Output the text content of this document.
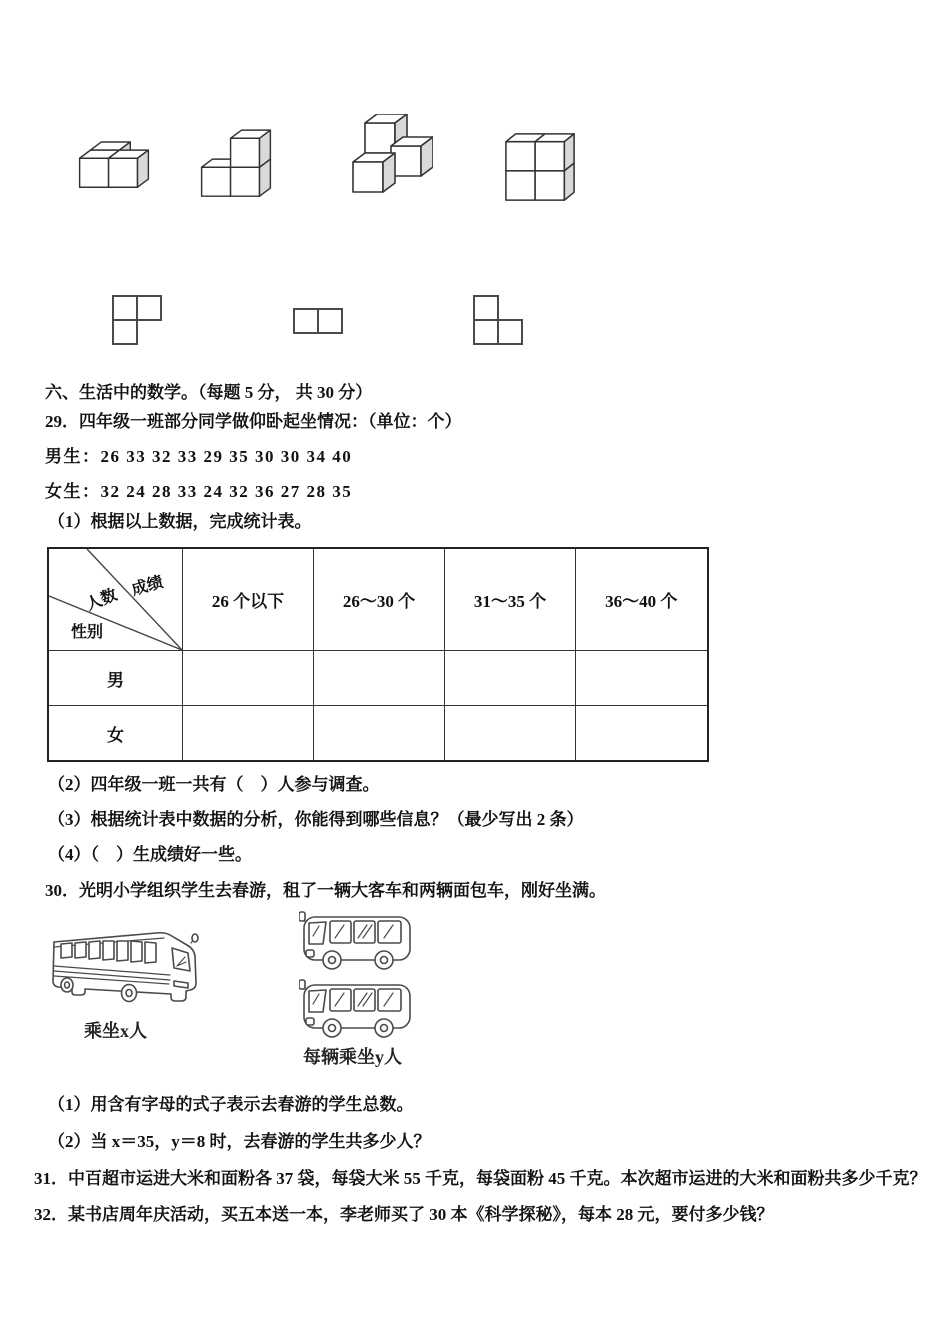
六、生活中的数学。（每题 5 分， 共 30 分）
29．四年级一班部分同学做仰卧起坐情况：（单位：个）
男生：26 33 32 33 29 35 30 30 34 40
女生：32 24 28 33 24 32 36 27 28 35
（1）根据以上数据，完成统计表。
成绩
人数
性别	26 个以下	26～30 个	31～35 个	36～40 个
男				
女				
（2）四年级一班一共有（　）人参与调查。
（3）根据统计表中数据的分析，你能得到哪些信息？（最少写出 2 条）
（4）（　）生成绩好一些。
30．光明小学组织学生去春游，租了一辆大客车和两辆面包车，刚好坐满。
乘坐x人
每辆乘坐y人
（1）用含有字母的式子表示去春游的学生总数。
（2）当 x＝35，y＝8 时，去春游的学生共多少人？
31．中百超市运进大米和面粉各 37 袋，每袋大米 55 千克，每袋面粉 45 千克。本次超市运进的大米和面粉共多少千克？
32．某书店周年庆活动，买五本送一本，李老师买了 30 本《科学探秘》，每本 28 元，要付多少钱？
